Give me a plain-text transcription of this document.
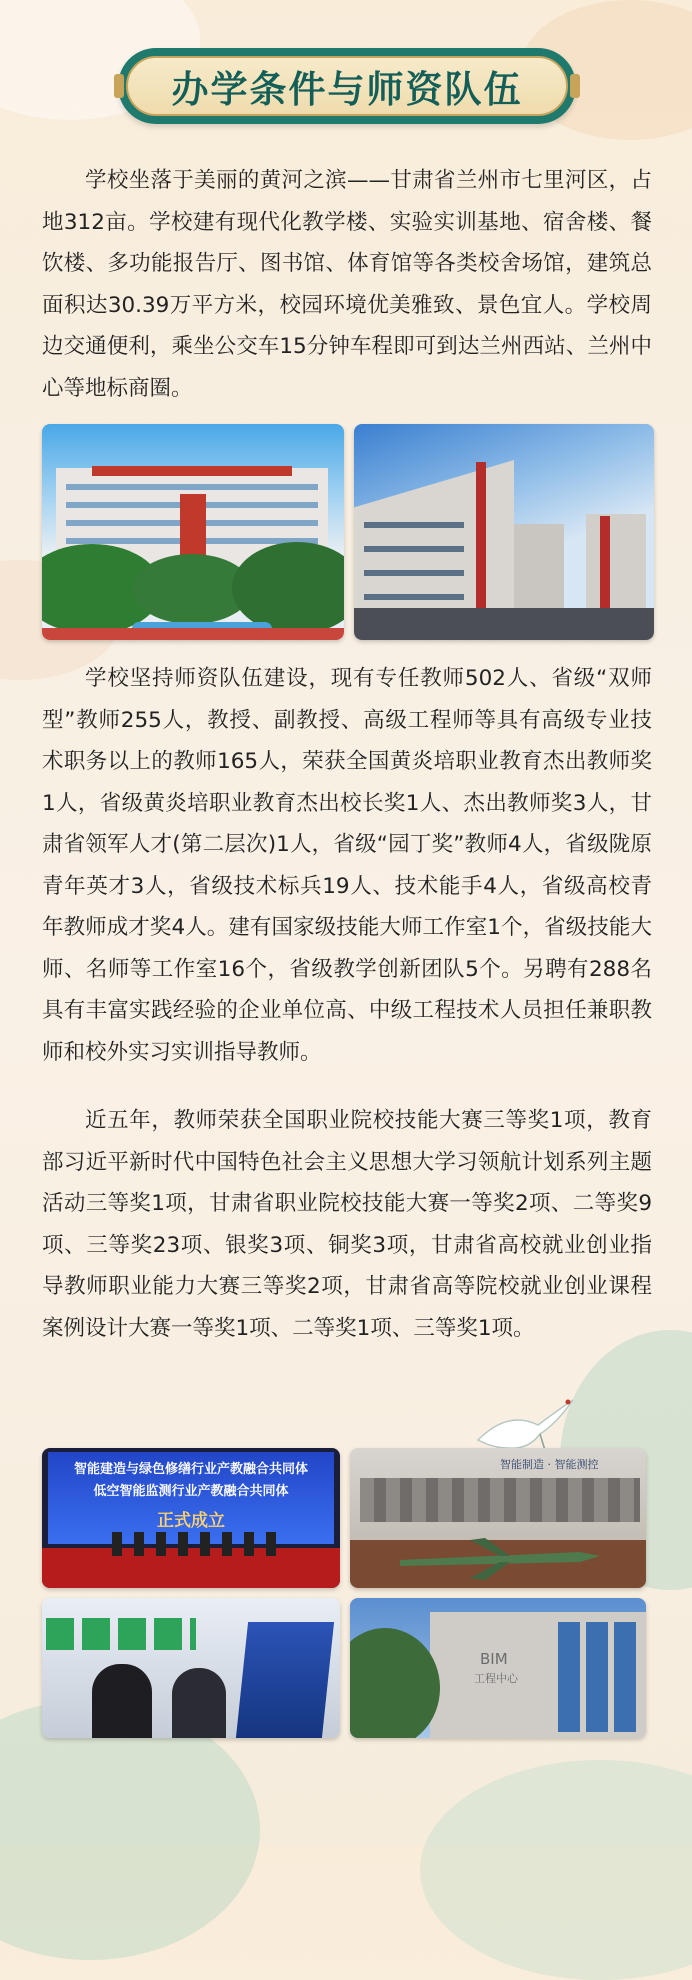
办学条件与师资队伍

学校坐落于美丽的黄河之滨——甘肃省兰州市七里河区，占地312亩。学校建有现代化教学楼、实验实训基地、宿舍楼、餐饮楼、多功能报告厅、图书馆、体育馆等各类校舍场馆，建筑总面积达30.39万平方米，校园环境优美雅致、景色宜人。学校周边交通便利，乘坐公交车15分钟车程即可到达兰州西站、兰州中心等地标商圈。

学校坚持师资队伍建设，现有专任教师502人、省级“双师型”教师255人，教授、副教授、高级工程师等具有高级专业技术职务以上的教师165人，荣获全国黄炎培职业教育杰出教师奖1人，省级黄炎培职业教育杰出校长奖1人、杰出教师奖3人，甘肃省领军人才(第二层次)1人，省级“园丁奖”教师4人，省级陇原青年英才3人，省级技术标兵19人、技术能手4人，省级高校青年教师成才奖4人。建有国家级技能大师工作室1个，省级技能大师、名师等工作室16个，省级教学创新团队5个。另聘有288名具有丰富实践经验的企业单位高、中级工程技术人员担任兼职教师和校外实习实训指导教师。

近五年，教师荣获全国职业院校技能大赛三等奖1项，教育部习近平新时代中国特色社会主义思想大学习领航计划系列主题活动三等奖1项，甘肃省职业院校技能大赛一等奖2项、二等奖9项、三等奖23项、银奖3项、铜奖3项，甘肃省高校就业创业指导教师职业能力大赛三等奖2项，甘肃省高等院校就业创业课程案例设计大赛一等奖1项、二等奖1项、三等奖1项。

智能建造与绿色修缮行业产教融合共同体
低空智能监测行业产教融合共同体
正式成立
智能制造 · 智能测控
BIM
工程中心
